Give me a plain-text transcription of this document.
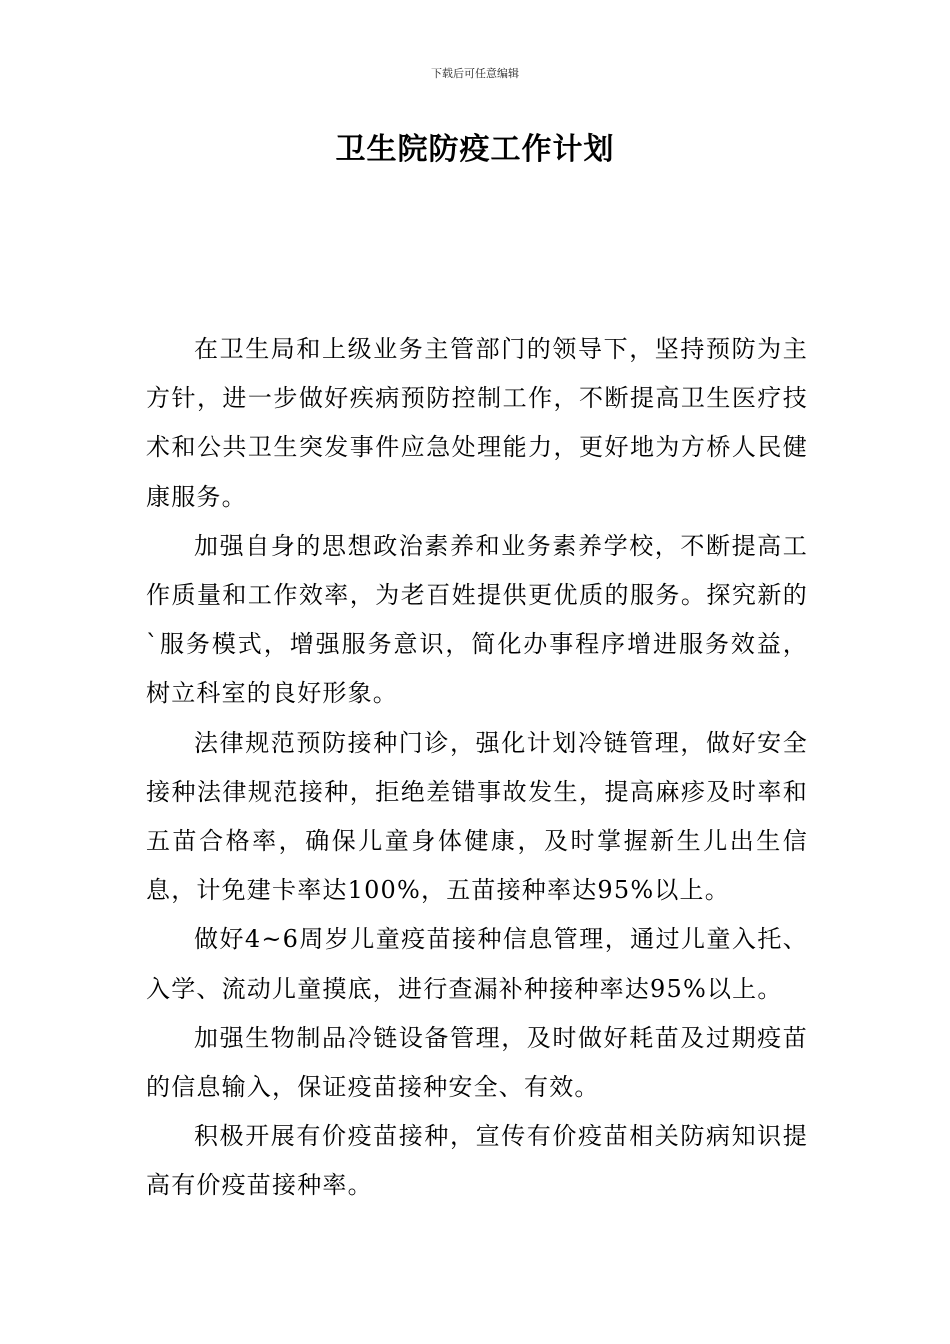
下载后可任意编辑
卫生院防疫工作计划

在卫生局和上级业务主管部门的领导下，坚持预防为主方针，进一步做好疾病预防控制工作，不断提高卫生医疗技术和公共卫生突发事件应急处理能力，更好地为方桥人民健康服务。

加强自身的思想政治素养和业务素养学校，不断提高工作质量和工作效率，为老百姓提供更优质的服务。探究新的`服务模式，增强服务意识，简化办事程序增进服务效益，树立科室的良好形象。

法律规范预防接种门诊，强化计划冷链管理，做好安全接种法律规范接种，拒绝差错事故发生，提高麻疹及时率和五苗合格率，确保儿童身体健康，及时掌握新生儿出生信息，计免建卡率达100%，五苗接种率达95%以上。

做好4~6周岁儿童疫苗接种信息管理，通过儿童入托、入学、流动儿童摸底，进行查漏补种接种率达95%以上。

加强生物制品冷链设备管理，及时做好耗苗及过期疫苗的信息输入，保证疫苗接种安全、有效。

积极开展有价疫苗接种，宣传有价疫苗相关防病知识提高有价疫苗接种率。
